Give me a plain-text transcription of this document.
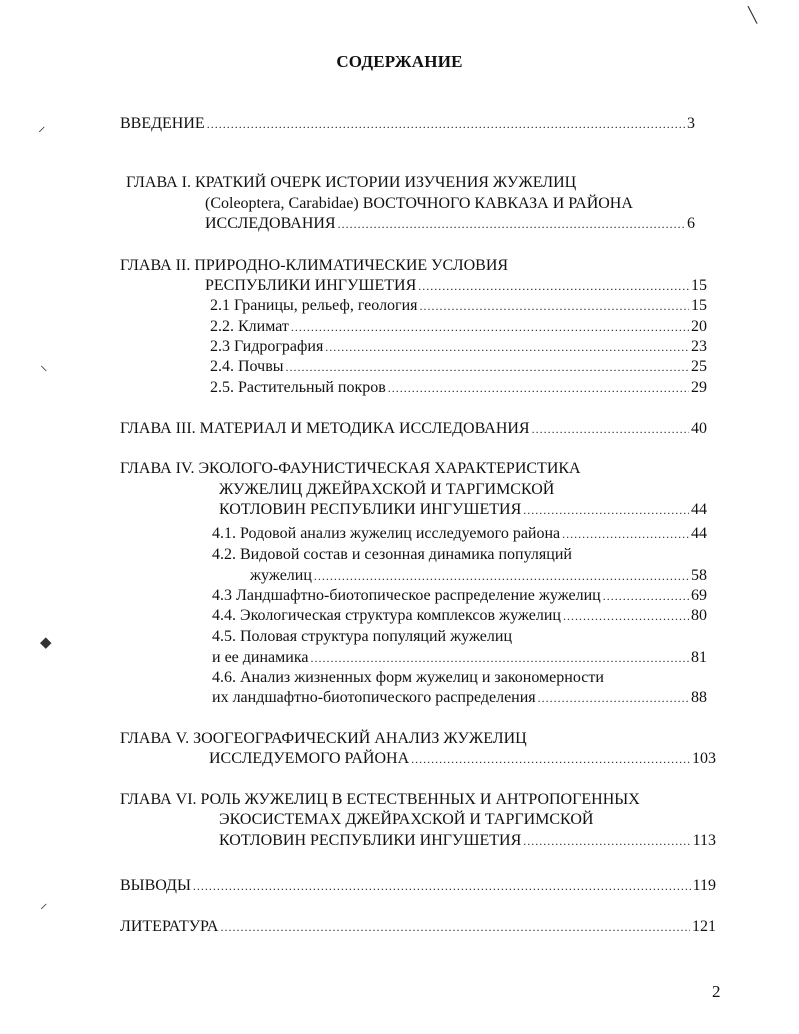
СОДЕРЖАНИЕ
ВВЕДЕНИЕ .....	3
ГЛАВА I. КРАТКИЙ ОЧЕРК ИСТОРИИ ИЗУЧЕНИЯ ЖУЖЕЛИЦ
(Coleoptera, Carabidae) ВОСТОЧНОГО КАВКАЗА И РАЙОНА
ИССЛЕДОВАНИЯ .....	6
ГЛАВА II. ПРИРОДНО-КЛИМАТИЧЕСКИЕ УСЛОВИЯ
РЕСПУБЛИКИ ИНГУШЕТИЯ .....	15
2.1 Границы, рельеф, геология .....	15
2.2. Климат .....	20
2.3 Гидрография .....	23
2.4. Почвы .....	25
2.5. Растительный покров .....	29
ГЛАВА III. МАТЕРИАЛ И МЕТОДИКА ИССЛЕДОВАНИЯ .....	40
ГЛАВА IV. ЭКОЛОГО-ФАУНИСТИЧЕСКАЯ ХАРАКТЕРИСТИКА
ЖУЖЕЛИЦ ДЖЕЙРАХСКОЙ И ТАРГИМСКОЙ
КОТЛОВИН РЕСПУБЛИКИ ИНГУШЕТИЯ .....	44
4.1. Родовой анализ жужелиц исследуемого района .....	44
4.2. Видовой состав и сезонная динамика популяций
жужелиц .....	58
4.3 Ландшафтно-биотопическое распределение жужелиц .....	69
4.4. Экологическая структура комплексов жужелиц .....	80
4.5. Половая структура популяций жужелиц
и ее динамика .....	81
4.6. Анализ жизненных форм жужелиц и закономерности
их ландшафтно-биотопического распределения .....	88
ГЛАВА V. ЗООГЕОГРАФИЧЕСКИЙ АНАЛИЗ ЖУЖЕЛИЦ
ИССЛЕДУЕМОГО РАЙОНА .....	103
ГЛАВА VI. РОЛЬ ЖУЖЕЛИЦ В ЕСТЕСТВЕННЫХ И АНТРОПОГЕННЫХ
ЭКОСИСТЕМАХ ДЖЕЙРАХСКОЙ И ТАРГИМСКОЙ
КОТЛОВИН РЕСПУБЛИКИ ИНГУШЕТИЯ .....	113
ВЫВОДЫ .....	119
ЛИТЕРАТУРА .....	121
2
⸝
⸜
◆
⸝
╲
